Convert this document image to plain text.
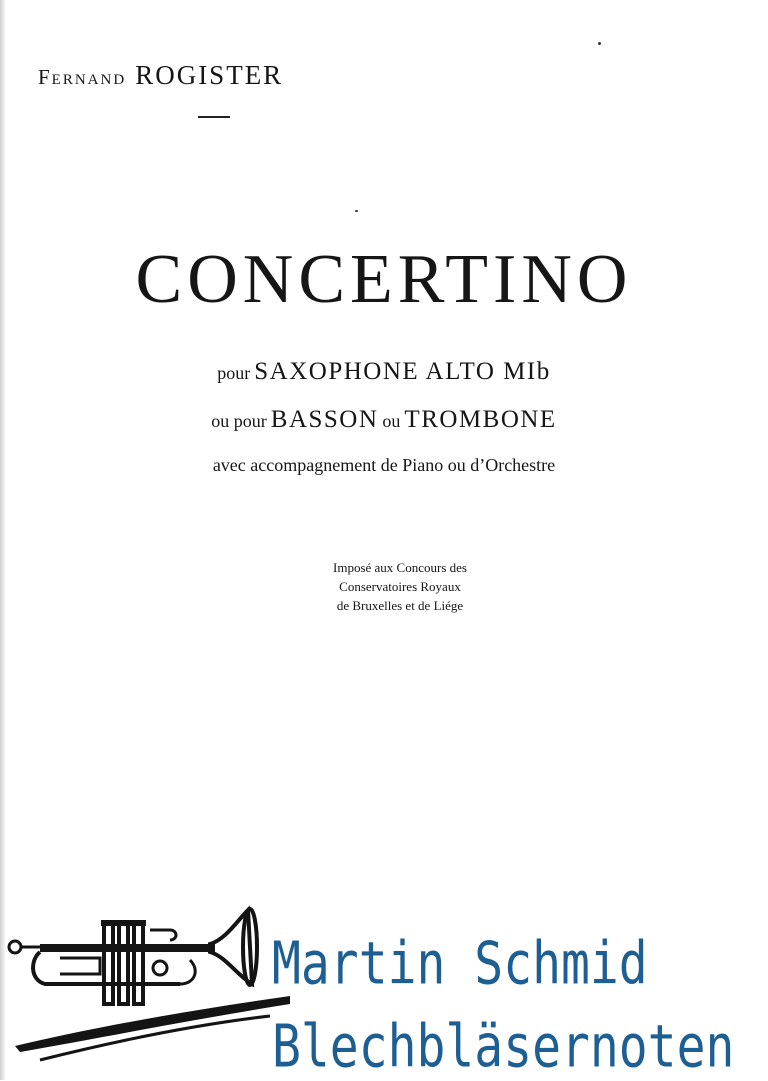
Fernand ROGISTER
CONCERTINO
pour SAXOPHONE ALTO MIb
ou pour BASSON ou TROMBONE
avec accompagnement de Piano ou d’Orchestre
Imposé aux Concours des
Conservatoires Royaux
de Bruxelles et de Liége
Martin Schmid
Blechbläsernoten
